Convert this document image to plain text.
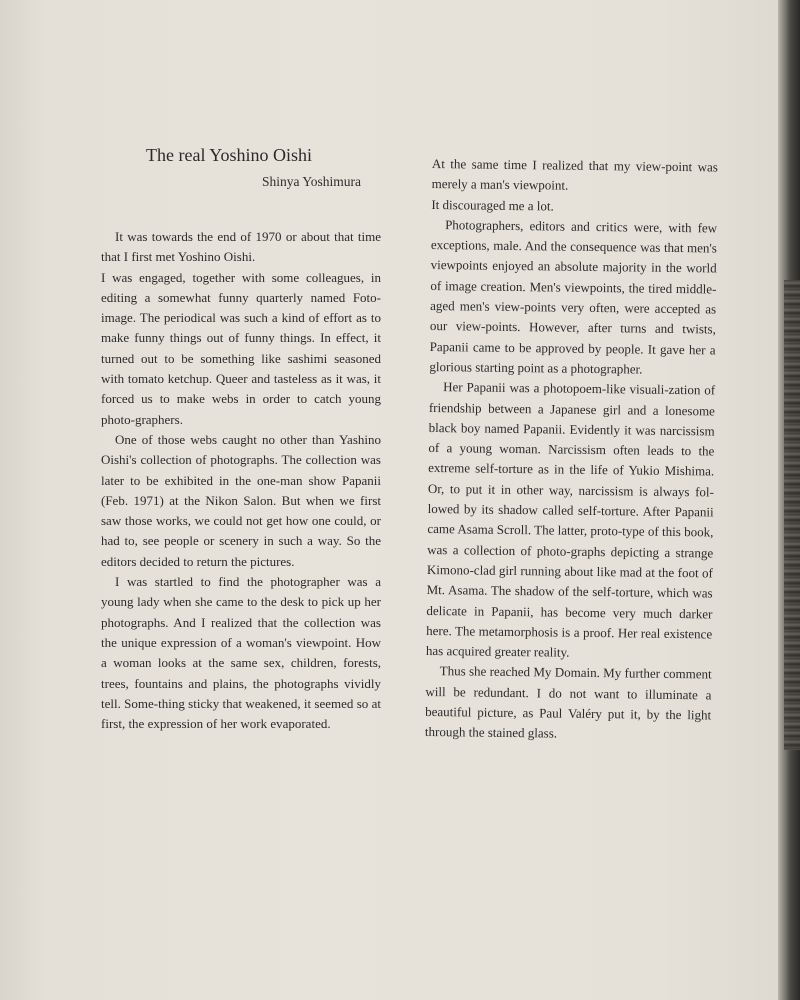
The real Yoshino Oishi
Shinya Yoshimura

It was towards the end of 1970 or about that time that I first met Yoshino Oishi.

I was engaged, together with some colleagues, in editing a somewhat funny quarterly named Foto-image. The periodical was such a kind of effort as to make funny things out of funny things. In effect, it turned out to be something like sashimi seasoned with tomato ketchup. Queer and tasteless as it was, it forced us to make webs in order to catch young photo-graphers.

One of those webs caught no other than Yashino Oishi's collection of photographs. The collection was later to be exhibited in the one-man show Papanii (Feb. 1971) at the Nikon Salon. But when we first saw those works, we could not get how one could, or had to, see people or scenery in such a way. So the editors decided to return the pictures.

I was startled to find the photographer was a young lady when she came to the desk to pick up her photographs. And I realized that the collection was the unique expression of a woman's viewpoint. How a woman looks at the same sex, children, forests, trees, fountains and plains, the photographs vividly tell. Some-thing sticky that weakened, it seemed so at first, the expression of her work evaporated.

At the same time I realized that my view-point was merely a man's viewpoint.

It discouraged me a lot.

Photographers, editors and critics were, with few exceptions, male. And the consequence was that men's viewpoints enjoyed an absolute majority in the world of image creation. Men's viewpoints, the tired middle-aged men's view-points very often, were accepted as our view-points. However, after turns and twists, Papanii came to be approved by people. It gave her a glorious starting point as a photographer.

Her Papanii was a photopoem-like visuali-zation of friendship between a Japanese girl and a lonesome black boy named Papanii. Evidently it was narcissism of a young woman. Narcissism often leads to the extreme self-torture as in the life of Yukio Mishima. Or, to put it in other way, narcissism is always fol-lowed by its shadow called self-torture. After Papanii came Asama Scroll. The latter, proto-type of this book, was a collection of photo-graphs depicting a strange Kimono-clad girl running about like mad at the foot of Mt. Asama. The shadow of the self-torture, which was delicate in Papanii, has become very much darker here. The metamorphosis is a proof. Her real existence has acquired greater reality.

Thus she reached My Domain. My further comment will be redundant. I do not want to illuminate a beautiful picture, as Paul Valéry put it, by the light through the stained glass.
